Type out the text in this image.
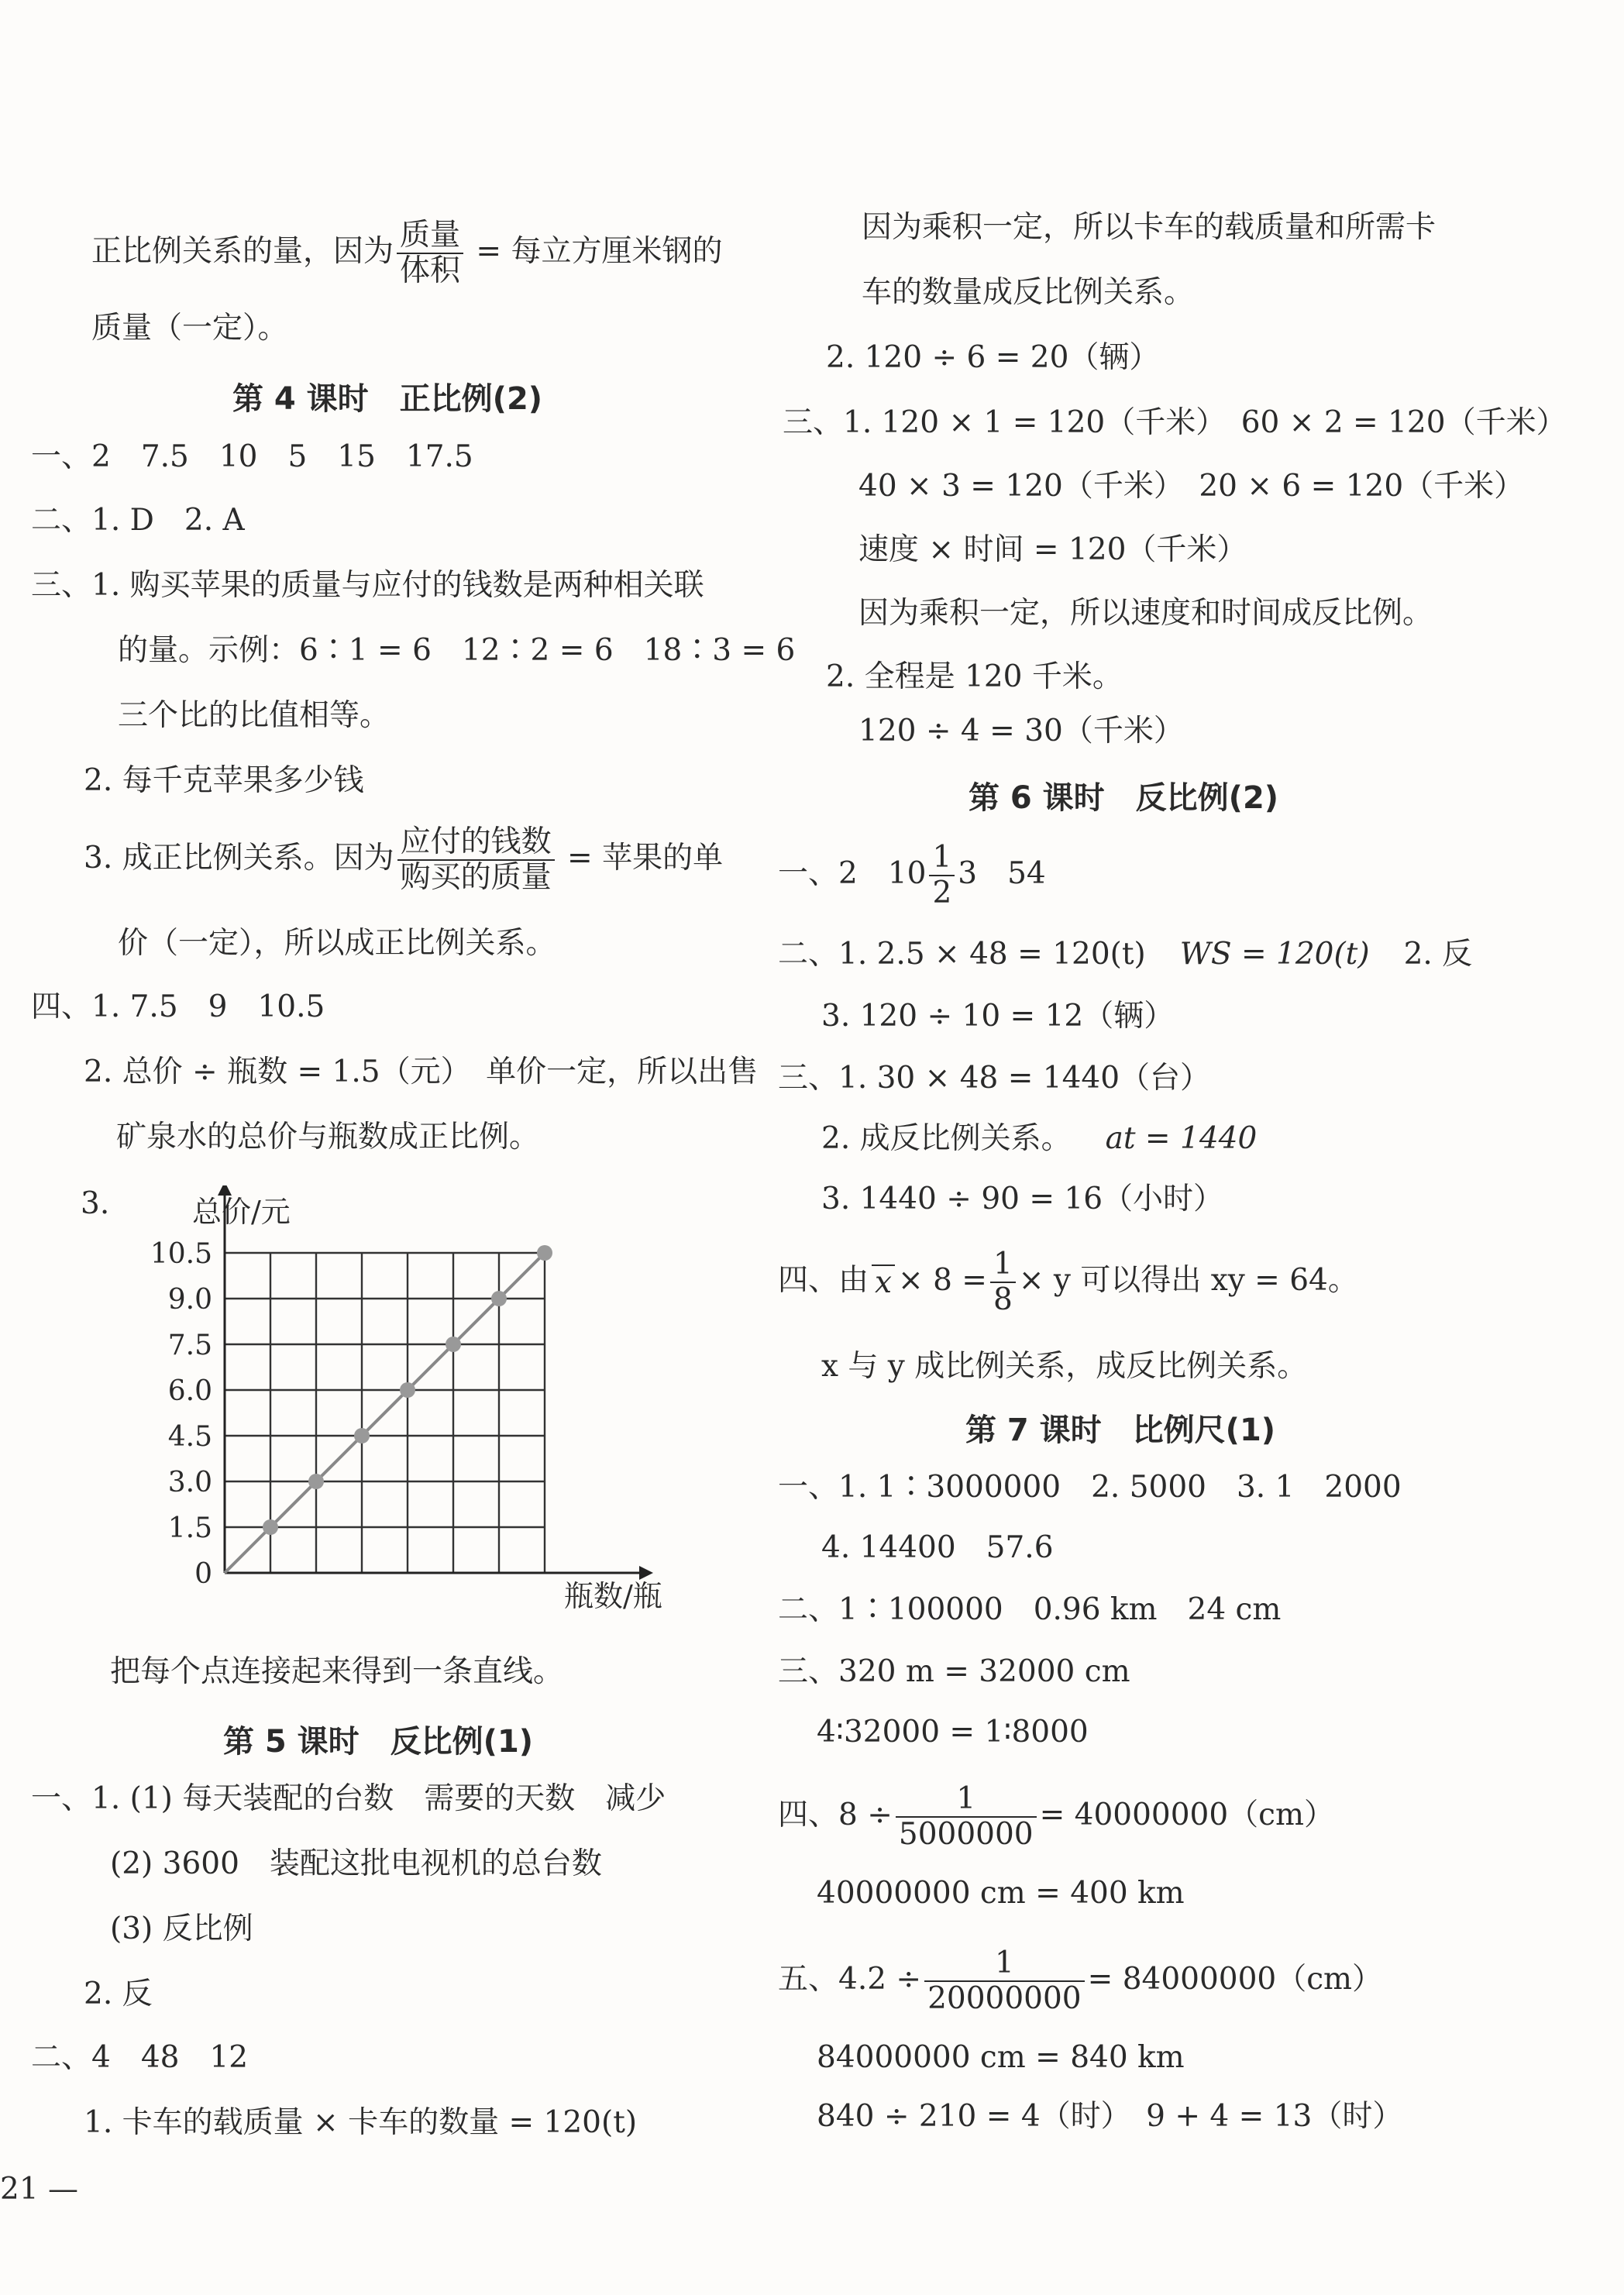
正比例关系的量，因为 $\frac{\text{质量}}{\text{体积}}$ = 每立方厘米钢的
质量（一定）。
第 4 课时　正比例(2)
一、2　7.5　10　5　15　17.5
二、1. D　2. A
三、1. 购买苹果的质量与应付的钱数是两种相关联
的量。示例：6∶1 = 6　12∶2 = 6　18∶3 = 6
三个比的比值相等。
2. 每千克苹果多少钱
3. 成正比例关系。因为 $\frac{\text{应付的钱数}}{\text{购买的质量}}$ = 苹果的单
价（一定），所以成正比例关系。
四、1. 7.5　9　10.5
2. 总价 ÷ 瓶数 = 1.5（元）　单价一定，所以出售
矿泉水的总价与瓶数成正比例。
3.
10.5
9.0
7.5
6.0
4.5
3.0
1.5
0
总价/元
瓶数/瓶
把每个点连接起来得到一条直线。
第 5 课时　反比例(1)
一、1. (1) 每天装配的台数　需要的天数　减少
(2) 3600　装配这批电视机的总台数
(3) 反比例
2. 反
二、4　48　12
1. 卡车的载质量 × 卡车的数量 = 120(t)
21 —
因为乘积一定，所以卡车的载质量和所需卡
车的数量成反比例关系。
2. 120 ÷ 6 = 20（辆）
三、1. 120 × 1 = 120（千米）　60 × 2 = 120（千米）
40 × 3 = 120（千米）　20 × 6 = 120（千米）
速度 × 时间 = 120（千米）
因为乘积一定，所以速度和时间成反比例。
2. 全程是 120 千米。
120 ÷ 4 = 30（千米）
第 6 课时　反比例(2)
一、2　$10 \frac{1}{2} 3$　54
二、1. 2.5 × 48 = 120(t) WS = 120(t) 2. 反
3. 120 ÷ 10 = 12（辆）
三、1. 30 × 48 = 1440（台）
2. 成反比例关系。 at = 1440
3. 1440 ÷ 90 = 16（小时）
四、由 $x \times 8 = \frac{1}{8} \times y$ 可以得出 xy = 64。
x 与 y 成比例关系，成反比例关系。
第 7 课时　比例尺(1)
一、1. 1∶3000000　2. 5000　3. 1　2000
4. 14400　57.6
二、1∶100000　0.96 km　24 cm
三、320 m = 32000 cm
4∶32000 = 1∶8000
四、$8 \div \frac{1}{5000000} = 40000000(cm)$
40000000 cm = 400 km
五、$4.2 \div \frac{1}{20000000} = 84000000(cm)$
84000000 cm = 840 km
840 ÷ 210 = 4（时）　9 + 4 = 13（时）
